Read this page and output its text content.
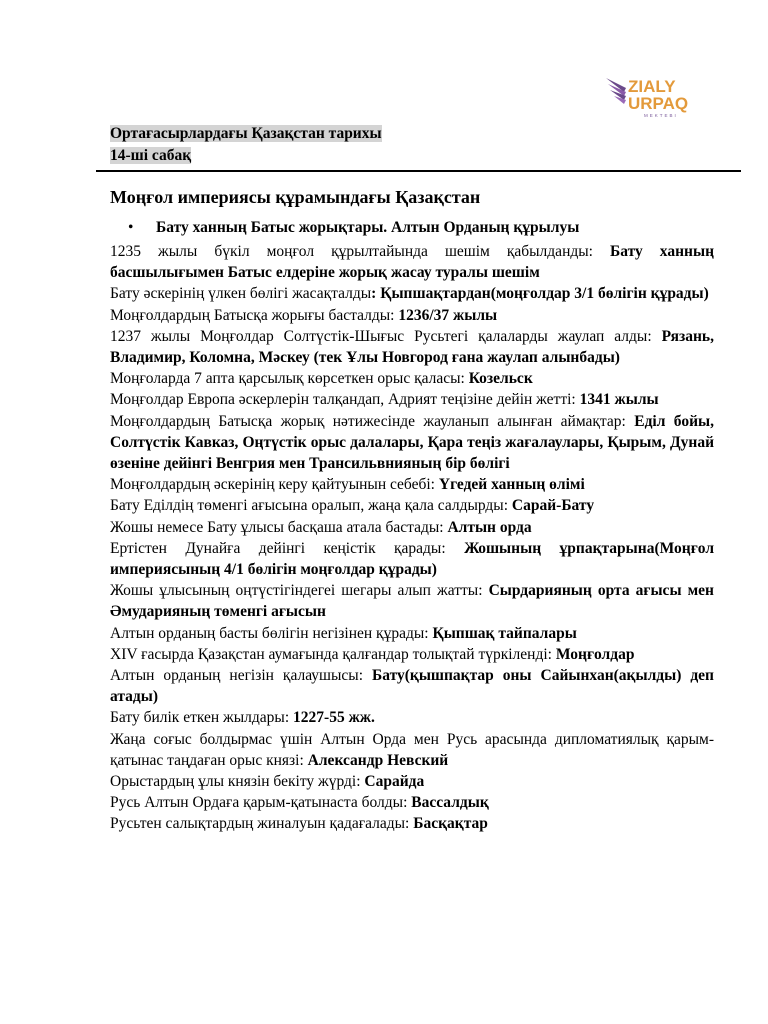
ZIALY
URPAQ
MEKTEBI
Ортағасырлардағы Қазақстан тарихы
14-ші сабақ
Моңғол империясы құрамындағы Қазақстан
• Бату ханның Батыс жорықтары. Алтын Орданың құрылуы

1235 жылы бүкіл моңғол құрылтайында шешім қабылданды: Бату ханның басшылығымен Батыс елдеріне жорық жасау туралы шешім

Бату әскерінің үлкен бөлігі жасақталды: Қыпшақтардан(моңғолдар 3/1 бөлігін құрады)

Моңғолдардың Батысқа жорығы басталды: 1236/37 жылы

1237 жылы Моңғолдар Солтүстік-Шығыс Русьтегі қалаларды жаулап алды: Рязань, Владимир, Коломна, Мәскеу (тек Ұлы Новгород ғана жаулап алынбады)

Моңғоларда 7 апта қарсылық көрсеткен орыс қаласы: Козельск

Моңғолдар Европа әскерлерін талқандап, Адрият теңізіне дейін жетті: 1341 жылы

Моңғолдардың Батысқа жорық нәтижесінде жауланып алынған аймақтар: Еділ бойы, Солтүстік Кавказ, Оңтүстік орыс далалары, Қара теңіз жағалаулары, Қырым, Дунай өзеніне дейінгі Венгрия мен Трансильвнияның бір бөлігі

Моңғолдардың әскерінің керу қайтуынын себебі: Үгедей ханның өлімі

Бату Еділдің төменгі ағысына оралып, жаңа қала салдырды: Сарай-Бату

Жошы немесе Бату ұлысы басқаша атала бастады: Алтын орда

Ертістен Дунайға дейінгі кеңістік қарады: Жошының ұрпақтарына(Моңғол империясының 4/1 бөлігін моңғолдар құрады)

Жошы ұлысының оңтүстігіндегеі шегары алып жатты: Сырдарияның орта ағысы мен Әмударияның төменгі ағысын

Алтын орданың басты бөлігін негізінен құрады: Қыпшақ тайпалары

XIV ғасырда Қазақстан аумағында қалғандар толықтай түркіленді: Моңғолдар

Алтын орданың негізін қалаушысы: Бату(қышпақтар оны Сайынхан(ақылды) деп атады)

Бату билік еткен жылдары: 1227-55 жж.

Жаңа соғыс болдырмас үшін Алтын Орда мен Русь арасында дипломатиялық қарым-қатынас таңдаған орыс князі: Александр Невский

Орыстардың ұлы князін бекіту жүрді: Сарайда

Русь Алтын Ордаға қарым-қатынаста болды: Вассалдық

Русьтен салықтардың жиналуын қадағалады: Басқақтар
